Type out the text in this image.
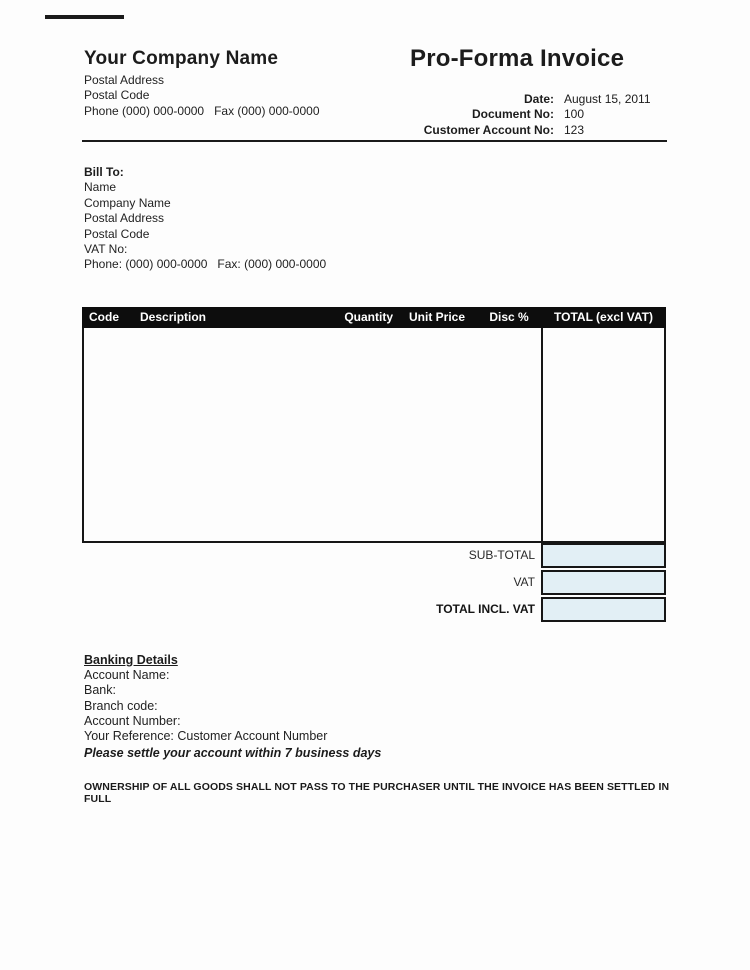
Your Company Name
Postal Address
Postal Code
Phone (000) 000-0000   Fax (000) 000-0000
Pro-Forma Invoice
Date: August 15, 2011
Document No: 100
Customer Account No: 123
Bill To:
Name
Company Name
Postal Address
Postal Code
VAT No:
Phone: (000) 000-0000   Fax: (000) 000-0000
Code	Description	Quantity	Unit Price	Disc %	TOTAL (excl VAT)
SUB-TOTAL
VAT
TOTAL INCL. VAT
Banking Details
Account Name:
Bank:
Branch code:
Account Number:
Your Reference: Customer Account Number
Please settle your account within 7 business days
OWNERSHIP OF ALL GOODS SHALL NOT PASS TO THE PURCHASER UNTIL THE INVOICE HAS BEEN SETTLED IN FULL
